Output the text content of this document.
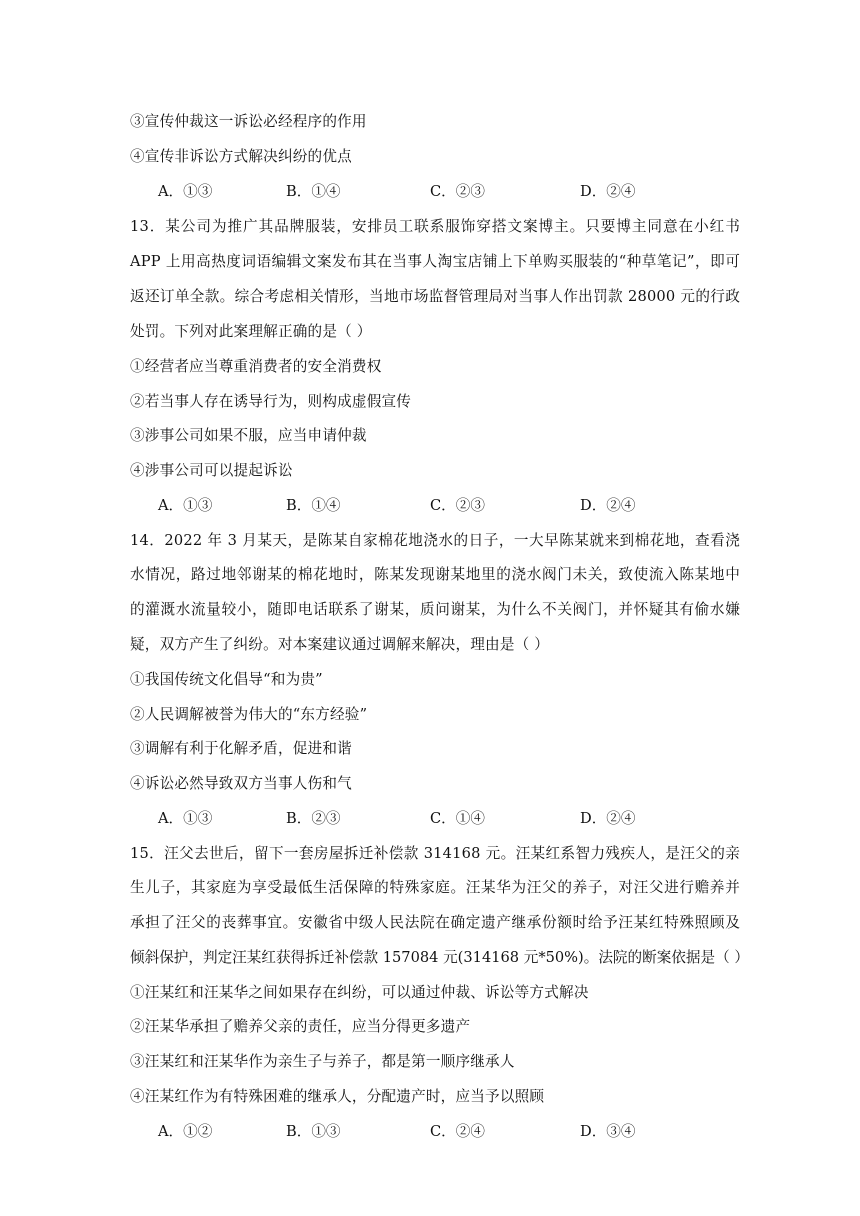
③宣传仲裁这一诉讼必经程序的作用
④宣传非诉讼方式解决纠纷的优点
A．①③	B．①④	C．②③	D．②④
13．某公司为推广其品牌服装，安排员工联系服饰穿搭文案博主。只要博主同意在小红书
APP 上用高热度词语编辑文案发布其在当事人淘宝店铺上下单购买服装的“种草笔记”，即可
返还订单全款。综合考虑相关情形，当地市场监督管理局对当事人作出罚款 28000 元的行政
处罚。下列对此案理解正确的是（ ）
①经营者应当尊重消费者的安全消费权
②若当事人存在诱导行为，则构成虚假宣传
③涉事公司如果不服，应当申请仲裁
④涉事公司可以提起诉讼
A．①③	B．①④	C．②③	D．②④
14．2022 年 3 月某天，是陈某自家棉花地浇水的日子，一大早陈某就来到棉花地，查看浇
水情况，路过地邻谢某的棉花地时，陈某发现谢某地里的浇水阀门未关，致使流入陈某地中
的灌溉水流量较小，随即电话联系了谢某，质问谢某，为什么不关阀门，并怀疑其有偷水嫌
疑，双方产生了纠纷。对本案建议通过调解来解决，理由是（ ）
①我国传统文化倡导“和为贵”
②人民调解被誉为伟大的“东方经验”
③调解有利于化解矛盾，促进和谐
④诉讼必然导致双方当事人伤和气
A．①③	B．②③	C．①④	D．②④
15．汪父去世后，留下一套房屋拆迁补偿款 314168 元。汪某红系智力残疾人，是汪父的亲
生儿子，其家庭为享受最低生活保障的特殊家庭。汪某华为汪父的养子，对汪父进行赡养并
承担了汪父的丧葬事宜。安徽省中级人民法院在确定遗产继承份额时给予汪某红特殊照顾及
倾斜保护，判定汪某红获得拆迁补偿款 157084 元(314168 元*50%)。法院的断案依据是（ ）
①汪某红和汪某华之间如果存在纠纷，可以通过仲裁、诉讼等方式解决
②汪某华承担了赡养父亲的责任，应当分得更多遗产
③汪某红和汪某华作为亲生子与养子，都是第一顺序继承人
④汪某红作为有特殊困难的继承人，分配遗产时，应当予以照顾
A．①②	B．①③	C．②④	D．③④
